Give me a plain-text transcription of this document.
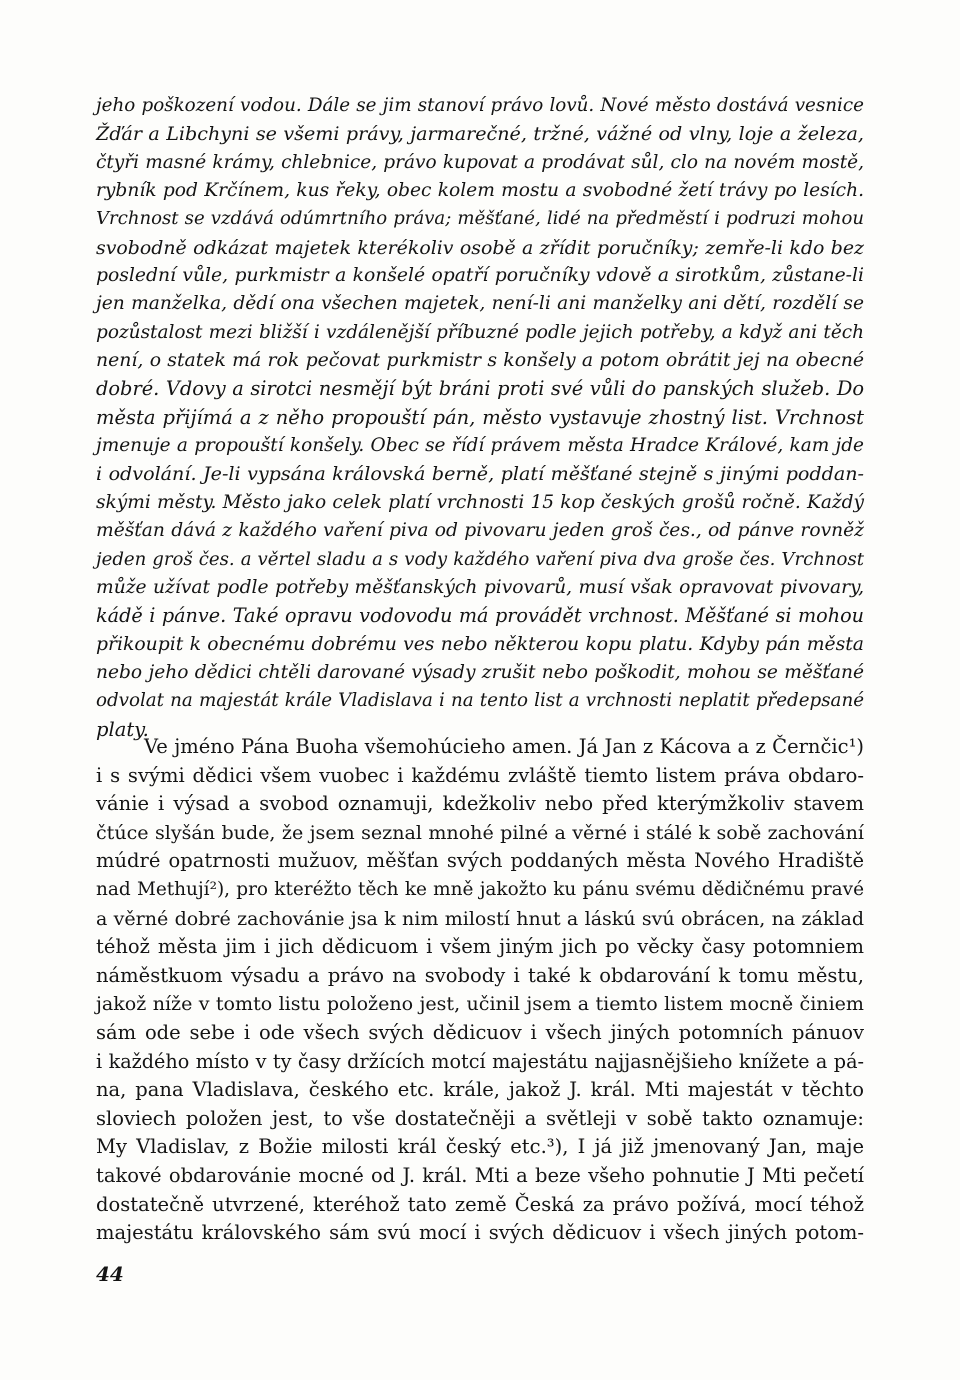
jeho poškození vodou. Dále se jim stanoví právo lovů. Nové město dostává vesnice
Žďár a Libchyni se všemi právy, jarmarečné, tržné, vážné od vlny, loje a železa,
čtyři masné krámy, chlebnice, právo kupovat a prodávat sůl, clo na novém mostě,
rybník pod Krčínem, kus řeky, obec kolem mostu a svobodné žetí trávy po lesích.
Vrchnost se vzdává odúmrtního práva; měšťané, lidé na předměstí i podruzi mohou
svobodně odkázat majetek kterékoliv osobě a zřídit poručníky; zemře-li kdo bez
poslední vůle, purkmistr a konšelé opatří poručníky vdově a sirotkům, zůstane-li
jen manželka, dědí ona všechen majetek, není-li ani manželky ani dětí, rozdělí se
pozůstalost mezi bližší i vzdálenější příbuzné podle jejich potřeby, a když ani těch
není, o statek má rok pečovat purkmistr s konšely a potom obrátit jej na obecné
dobré. Vdovy a sirotci nesmějí být bráni proti své vůli do panských služeb. Do
města přijímá a z něho propouští pán, město vystavuje zhostný list. Vrchnost
jmenuje a propouští konšely. Obec se řídí právem města Hradce Králové, kam jde
i odvolání. Je-li vypsána královská berně, platí měšťané stejně s jinými poddan-
skými městy. Město jako celek platí vrchnosti 15 kop českých grošů ročně. Každý
měšťan dává z každého vaření piva od pivovaru jeden groš čes., od pánve rovněž
jeden groš čes. a věrtel sladu a s vody každého vaření piva dva groše čes. Vrchnost
může užívat podle potřeby měšťanských pivovarů, musí však opravovat pivovary,
kádě i pánve. Také opravu vodovodu má provádět vrchnost. Měšťané si mohou
přikoupit k obecnému dobrému ves nebo některou kopu platu. Kdyby pán města
nebo jeho dědici chtěli darované výsady zrušit nebo poškodit, mohou se měšťané
odvolat na majestát krále Vladislava i na tento list a vrchnosti neplatit předepsané
platy.
Ve jméno Pána Buoha všemohúcieho amen. Já Jan z Kácova a z Černčic¹)
i s svými dědici všem vuobec i každému zvláště tiemto listem práva obdaro-
vánie i výsad a svobod oznamuji, kdežkoliv nebo před kterýmžkoliv stavem
čtúce slyšán bude, že jsem seznal mnohé pilné a věrné i stálé k sobě zachování
múdré opatrnosti mužuov, měšťan svých poddaných města Nového Hradiště
nad Methují²), pro kteréžto těch ke mně jakožto ku pánu svému dědičnému pravé
a věrné dobré zachovánie jsa k nim milostí hnut a láskú svú obrácen, na základ
téhož města jim i jich dědicuom i všem jiným jich po věcky časy potomniem
náměstkuom výsadu a právo na svobody i také k obdarování k tomu městu,
jakož níže v tomto listu položeno jest, učinil jsem a tiemto listem mocně činiem
sám ode sebe i ode všech svých dědicuov i všech jiných potomních pánuov
i každého místo v ty časy držících motcí majestátu najjasnějšieho knížete a pá-
na, pana Vladislava, českého etc. krále, jakož J. král. Mti majestát v těchto
sloviech položen jest, to vše dostatečněji a světleji v sobě takto oznamuje:
My Vladislav, z Božie milosti král český etc.³), I já již jmenovaný Jan, maje
takové obdarovánie mocné od J. král. Mti a beze všeho pohnutie J Mti pečetí
dostatečně utvrzené, kteréhož tato země Česká za právo požívá, mocí téhož
majestátu královského sám svú mocí i svých dědicuov i všech jiných potom-
44
